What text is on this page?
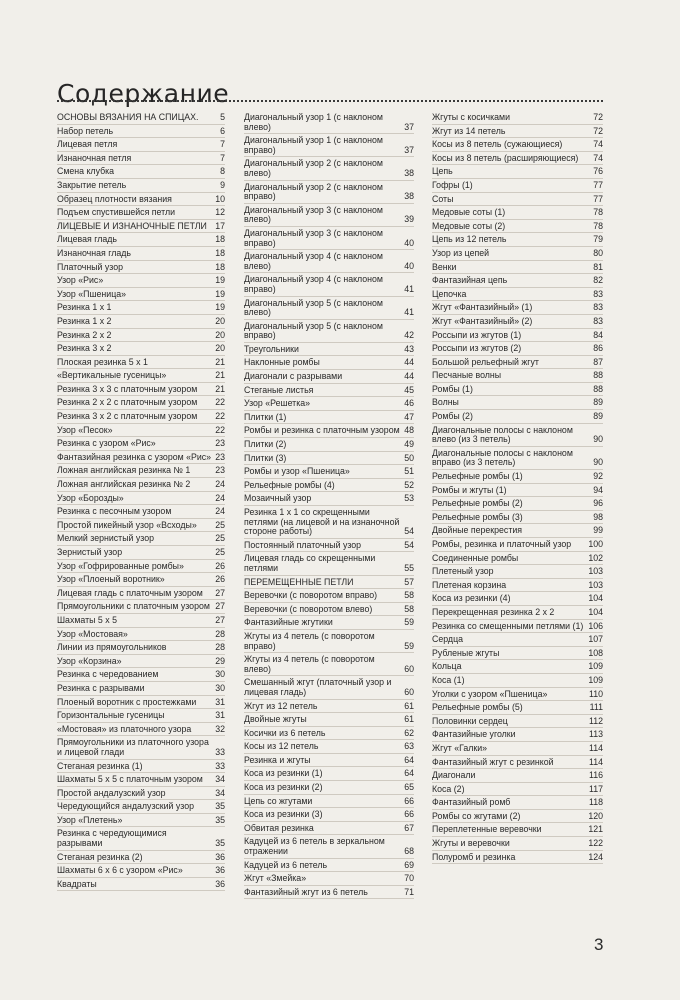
Содержание
ОСНОВЫ ВЯЗАНИЯ НА СПИЦАХ.	5
Набор петель	6
Лицевая петля	7
Изнаночная петля	7
Смена клубка	8
Закрытие петель	9
Образец плотности вязания	10
Подъем спустившейся петли	12
ЛИЦЕВЫЕ И ИЗНАНОЧНЫЕ ПЕТЛИ 17
Лицевая гладь	18
Изнаночная гладь	18
Платочный узор	18
Узор «Рис»	19
Узор «Пшеница»	19
Резинка 1 х 1	19
Резинка 1 х 2	20
Резинка 2 х 2	20
Резинка 3 х 2	20
Плоская резинка 5 х 1	21
«Вертикальные гусеницы»	21
Резинка 3 х 3 с платочным узором	21
Резинка 2 х 2 с платочным узором	22
Резинка 3 х 2 с платочным узором	22
Узор «Песок»	22
Резинка с узором «Рис»	23
Фантазийная резинка с узором «Рис» 23
Ложная английская резинка № 1	23
Ложная английская резинка № 2	24
Узор «Борозды»	24
Резинка с песочным узором	24
Простой пикейный узор «Всходы»	25
Мелкий зернистый узор	25
Зернистый узор	25
Узор «Гофрированные ромбы»	26
Узор «Плоеный воротник»	26
Лицевая гладь с платочным узором	27
Прямоугольники с платочным узором 27
Шахматы 5 х 5	27
Узор «Мостовая»	28
Линии из прямоугольников	28
Узор «Корзина»	29
Резинка с чередованием	30
Резинка с разрывами	30
Плоеный воротник с простежками	31
Горизонтальные гусеницы	31
«Мостовая» из платочного узора	32
Прямоугольники из платочного узора и лицевой глади	33
Стеганая резинка (1)	33
Шахматы 5 х 5 с платочным узором	34
Простой андалузский узор	34
Чередующийся андалузский узор	35
Узор «Плетень»	35
Резинка с чередующимися разрывами	35
Стеганая резинка (2)	36
Шахматы 6 х 6 с узором «Рис»	36
Квадраты	36
Диагональный узор 1 (с наклоном влево)	37
Диагональный узор 1 (с наклоном вправо)	37
Диагональный узор 2 (с наклоном влево)	38
Диагональный узор 2 (с наклоном вправо)	38
Диагональный узор 3 (с наклоном влево)	39
Диагональный узор 3 (с наклоном вправо)	40
Диагональный узор 4 (с наклоном влево)	40
Диагональный узор 4 (с наклоном вправо)	41
Диагональный узор 5 (с наклоном влево)	41
Диагональный узор 5 (с наклоном вправо)	42
Треугольники	43
Наклонные ромбы	44
Диагонали с разрывами	44
Стеганые листья	45
Узор «Решетка»	46
Плитки (1)	47
Ромбы и резинка с платочным узором 48
Плитки (2)	49
Плитки (3)	50
Ромбы и узор «Пшеница»	51
Рельефные ромбы (4)	52
Мозаичный узор	53
Резинка 1 х 1 со скрещенными петлями (на лицевой и на изнаночной стороне работы)	54
Постоянный платочный узор	54
Лицевая гладь со скрещенными петлями	55
ПЕРЕМЕЩЕННЫЕ ПЕТЛИ	57
Веревочки (с поворотом вправо)	58
Веревочки (с поворотом влево)	58
Фантазийные жгутики	59
Жгуты из 4 петель (с поворотом вправо)	59
Жгуты из 4 петель (с поворотом влево)	60
Смешанный жгут (платочный узор и лицевая гладь)	60
Жгут из 12 петель	61
Двойные жгуты	61
Косички из 6 петель	62
Косы из 12 петель	63
Резинка и жгуты	64
Коса из резинки (1)	64
Коса из резинки (2)	65
Цепь со жгутами	66
Коса из резинки (3)	66
Обвитая резинка	67
Кадуцей из 6 петель в зеркальном отражении	68
Кадуцей из 6 петель	69
Жгут «Змейка»	70
Фантазийный жгут из 6 петель	71
Жгуты с косичками	72
Жгут из 14 петель	72
Косы из 8 петель (сужающиеся)	74
Косы из 8 петель (расширяющиеся)	74
Цепь	76
Гофры (1)	77
Соты	77
Медовые соты (1)	78
Медовые соты (2)	78
Цепь из 12 петель	79
Узор из цепей	80
Венки	81
Фантазийная цепь	82
Цепочка	83
Жгут «Фантазийный» (1)	83
Жгут «Фантазийный» (2)	83
Россыпи из жгутов (1)	84
Россыпи из жгутов (2)	86
Большой рельефный жгут	87
Песчаные волны	88
Ромбы (1)	88
Волны	89
Ромбы (2)	89
Диагональные полосы с наклоном влево (из 3 петель)	90
Диагональные полосы с наклоном вправо (из 3 петель)	90
Рельефные ромбы (1)	92
Ромбы и жгуты (1)	94
Рельефные ромбы (2)	96
Рельефные ромбы (3)	98
Двойные перекрестия	99
Ромбы, резинка и платочный узор	100
Соединенные ромбы	102
Плетеный узор	103
Плетеная корзина	103
Коса из резинки (4)	104
Перекрещенная резинка 2 х 2	104
Резинка со смещенными петлями (1) 106
Сердца	107
Рубленые жгуты	108
Кольца	109
Коса (1)	109
Уголки с узором «Пшеница»	110
Рельефные ромбы (5)	111
Половинки сердец	112
Фантазийные уголки	113
Жгут «Галки»	114
Фантазийный жгут с резинкой	114
Диагонали	116
Коса (2)	117
Фантазийный ромб	118
Ромбы со жгутами (2)	120
Переплетенные веревочки	121
Жгуты и веревочки	122
Полуромб и резинка	124
3
